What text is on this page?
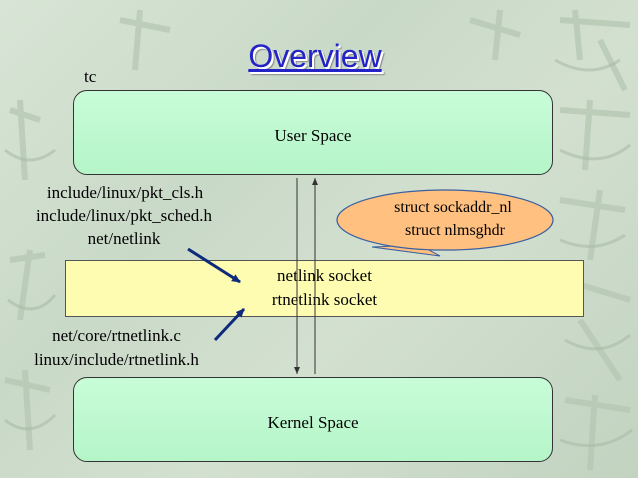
Overview
tc
User Space
Kernel Space
netlink socket
rtnetlink socket
struct sockaddr_nl
struct nlmsghdr
include/linux/pkt_cls.h
include/linux/pkt_sched.h
net/netlink
net/core/rtnetlink.c
linux/include/rtnetlink.h
